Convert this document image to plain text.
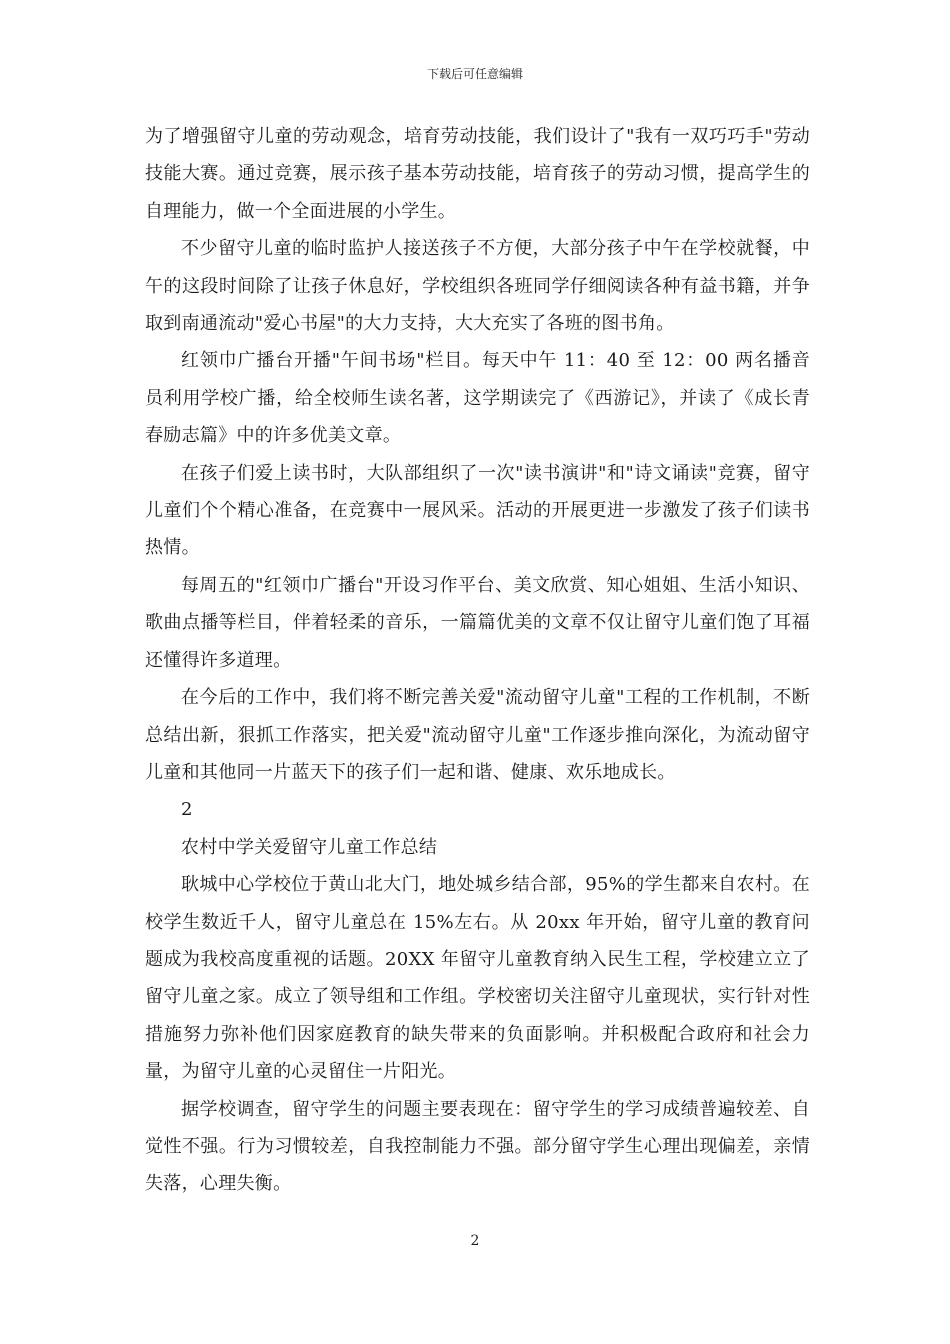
下载后可任意编辑

为了增强留守儿童的劳动观念，培育劳动技能，我们设计了"我有一双巧巧手"劳动技能大赛。通过竞赛，展示孩子基本劳动技能，培育孩子的劳动习惯，提高学生的自理能力，做一个全面进展的小学生。

不少留守儿童的临时监护人接送孩子不方便，大部分孩子中午在学校就餐，中午的这段时间除了让孩子休息好，学校组织各班同学仔细阅读各种有益书籍，并争取到南通流动"爱心书屋"的大力支持，大大充实了各班的图书角。

红领巾广播台开播"午间书场"栏目。每天中午 11：40 至 12：00 两名播音员利用学校广播，给全校师生读名著，这学期读完了《西游记》，并读了《成长青春励志篇》中的许多优美文章。

在孩子们爱上读书时，大队部组织了一次"读书演讲"和"诗文诵读"竞赛，留守儿童们个个精心准备，在竞赛中一展风采。活动的开展更进一步激发了孩子们读书热情。

每周五的"红领巾广播台"开设习作平台、美文欣赏、知心姐姐、生活小知识、歌曲点播等栏目，伴着轻柔的音乐，一篇篇优美的文章不仅让留守儿童们饱了耳福还懂得许多道理。

在今后的工作中，我们将不断完善关爱"流动留守儿童"工程的工作机制，不断总结出新，狠抓工作落实，把关爱"流动留守儿童"工作逐步推向深化，为流动留守儿童和其他同一片蓝天下的孩子们一起和谐、健康、欢乐地成长。

2

农村中学关爱留守儿童工作总结

耿城中心学校位于黄山北大门，地处城乡结合部，95%的学生都来自农村。在校学生数近千人，留守儿童总在 15%左右。从 20xx 年开始，留守儿童的教育问题成为我校高度重视的话题。20XX 年留守儿童教育纳入民生工程，学校建立立了留守儿童之家。成立了领导组和工作组。学校密切关注留守儿童现状，实行针对性措施努力弥补他们因家庭教育的缺失带来的负面影响。并积极配合政府和社会力量，为留守儿童的心灵留住一片阳光。

据学校调查，留守学生的问题主要表现在：留守学生的学习成绩普遍较差、自觉性不强。行为习惯较差，自我控制能力不强。部分留守学生心理出现偏差，亲情失落，心理失衡。

2
